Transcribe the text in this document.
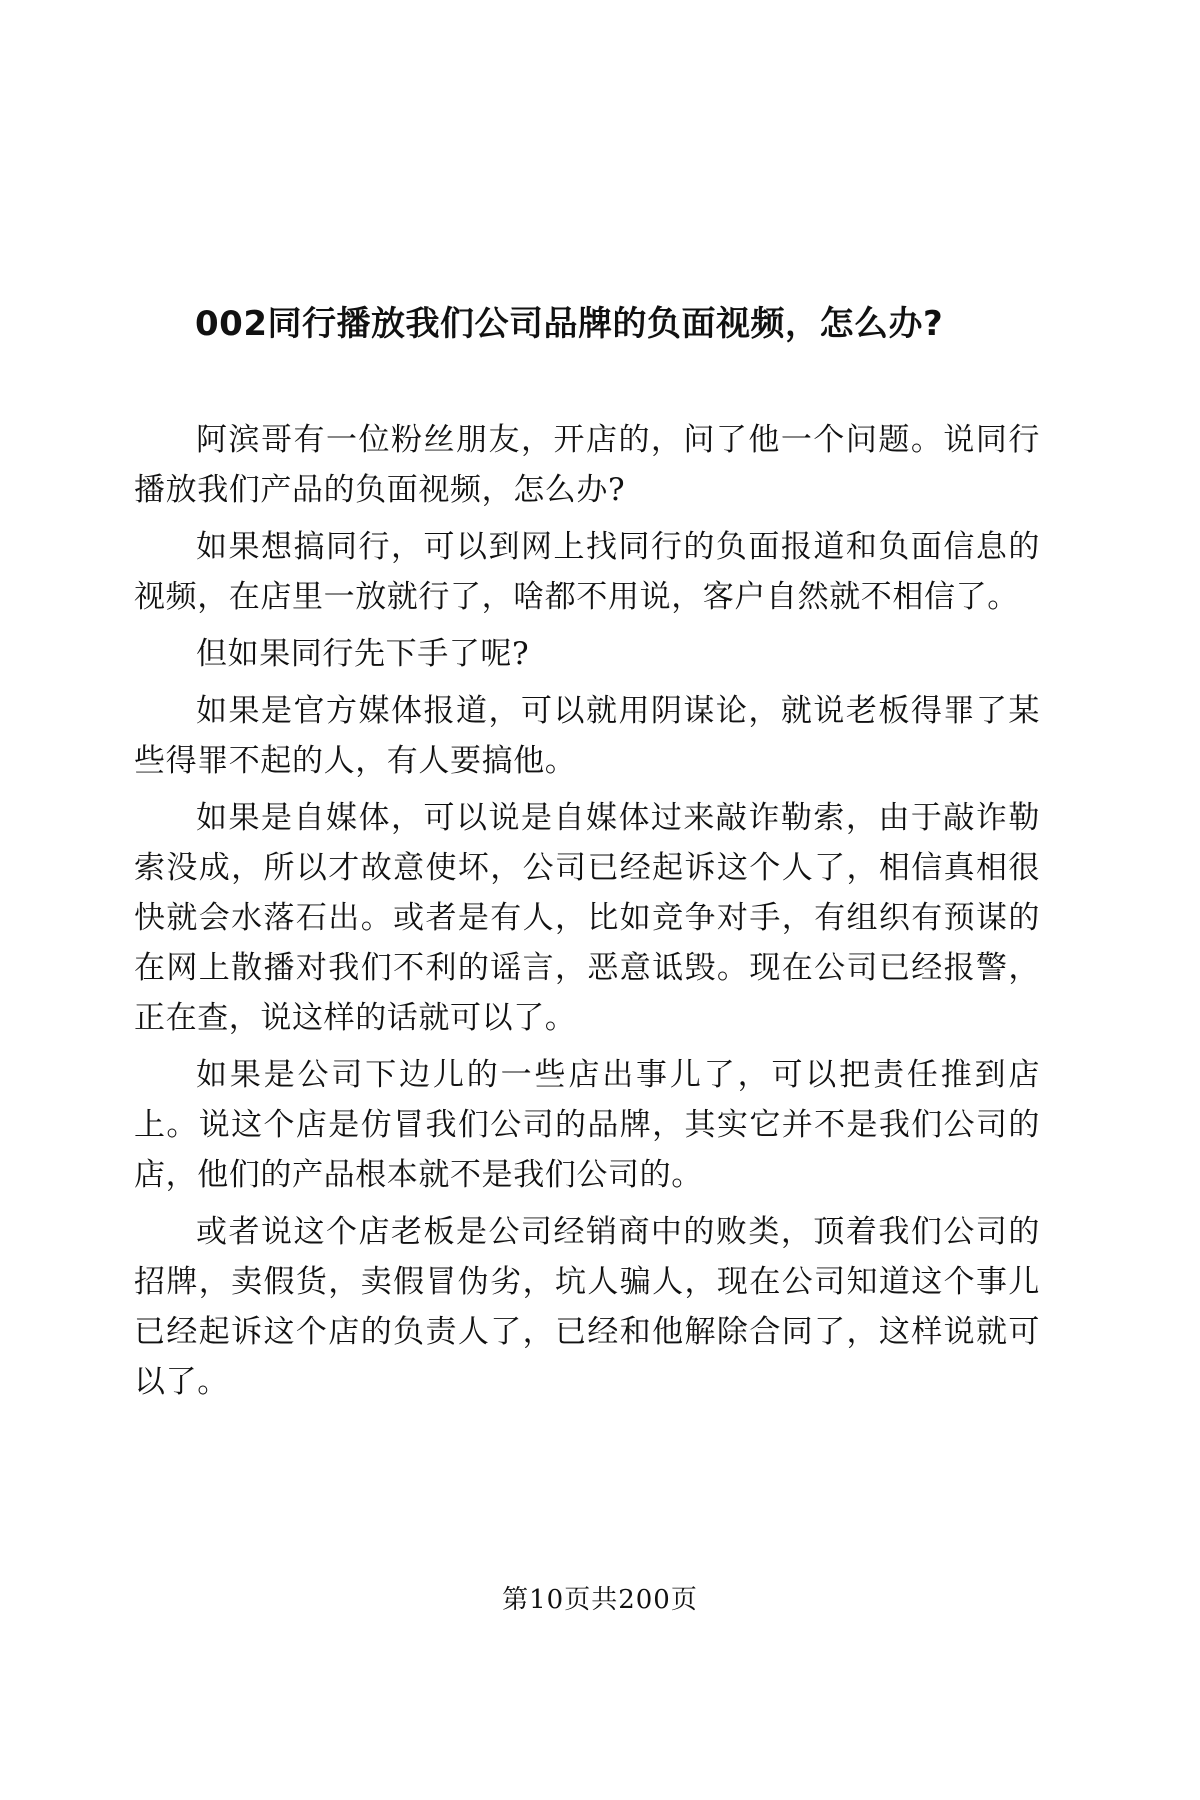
002同行播放我们公司品牌的负面视频，怎么办?

阿滨哥有一位粉丝朋友，开店的，问了他一个问题。说同行播放我们产品的负面视频，怎么办?

如果想搞同行，可以到网上找同行的负面报道和负面信息的视频，在店里一放就行了，啥都不用说，客户自然就不相信了。

但如果同行先下手了呢?

如果是官方媒体报道，可以就用阴谋论，就说老板得罪了某些得罪不起的人，有人要搞他。

如果是自媒体，可以说是自媒体过来敲诈勒索，由于敲诈勒索没成，所以才故意使坏，公司已经起诉这个人了，相信真相很快就会水落石出。或者是有人，比如竞争对手，有组织有预谋的在网上散播对我们不利的谣言，恶意诋毁。现在公司已经报警，正在查，说这样的话就可以了。

如果是公司下边儿的一些店出事儿了，可以把责任推到店上。说这个店是仿冒我们公司的品牌，其实它并不是我们公司的店，他们的产品根本就不是我们公司的。

或者说这个店老板是公司经销商中的败类，顶着我们公司的招牌，卖假货，卖假冒伪劣，坑人骗人，现在公司知道这个事儿已经起诉这个店的负责人了，已经和他解除合同了，这样说就可以了。

第10页共200页
